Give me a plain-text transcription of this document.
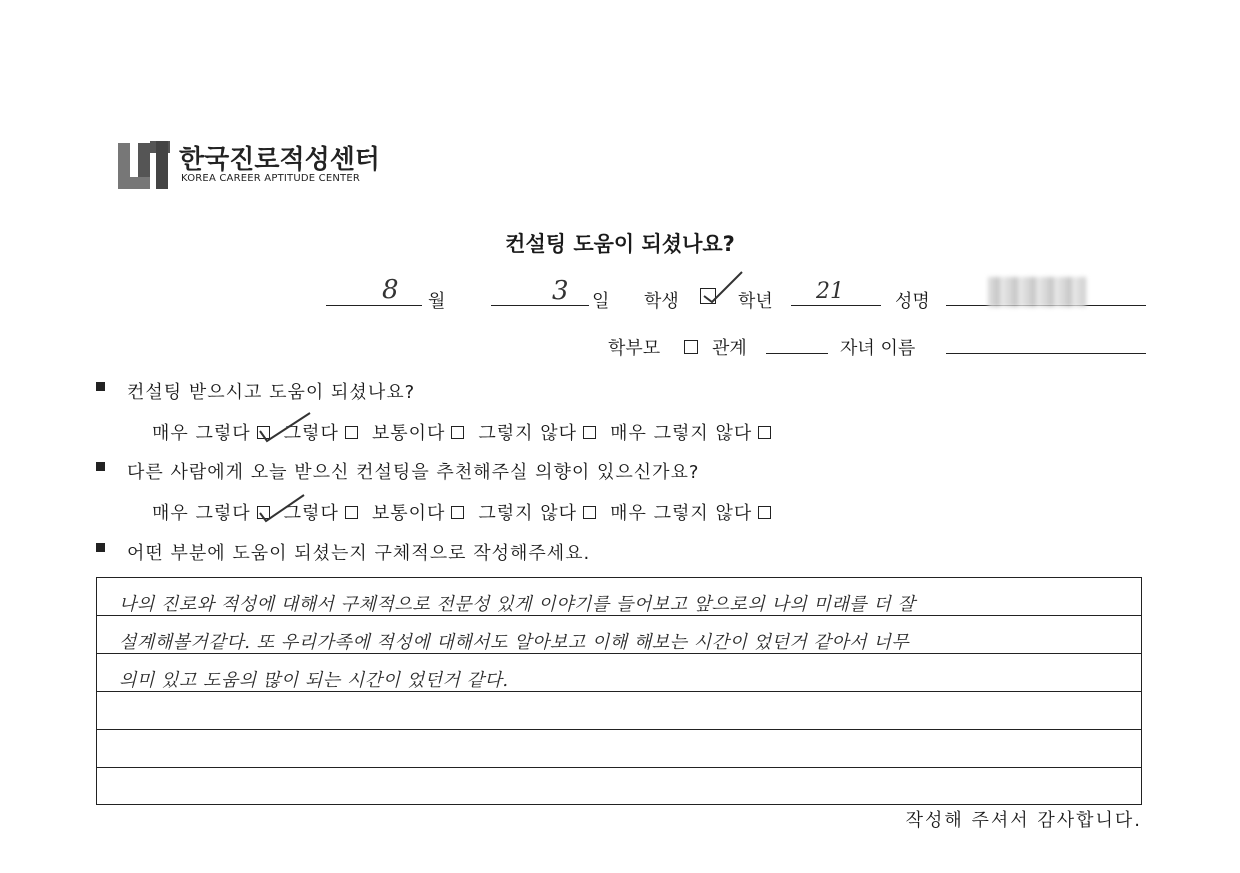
한국진로적성센터
KOREA CAREER APTITUDE CENTER
컨설팅 도움이 되셨나요?
8 월	3 일 학생	학년 21	성명
학부모	관계	자녀 이름
컨설팅 받으시고 도움이 되셨나요?
매우 그렇다 그렇다 보통이다 그렇지 않다 매우 그렇지 않다
다른 사람에게 오늘 받으신 컨설팅을 추천해주실 의향이 있으신가요?
매우 그렇다 그렇다 보통이다 그렇지 않다 매우 그렇지 않다
어떤 부분에 도움이 되셨는지 구체적으로 작성해주세요.
나의 진로와 적성에 대해서 구체적으로 전문성 있게 이야기를 들어보고 앞으로의 나의 미래를 더 잘
설계해볼거같다. 또 우리가족에 적성에 대해서도 알아보고 이해 해보는 시간이 었던거 같아서 너무
의미 있고 도움의 많이 되는 시간이 었던거 같다.
작성해 주셔서 감사합니다.
